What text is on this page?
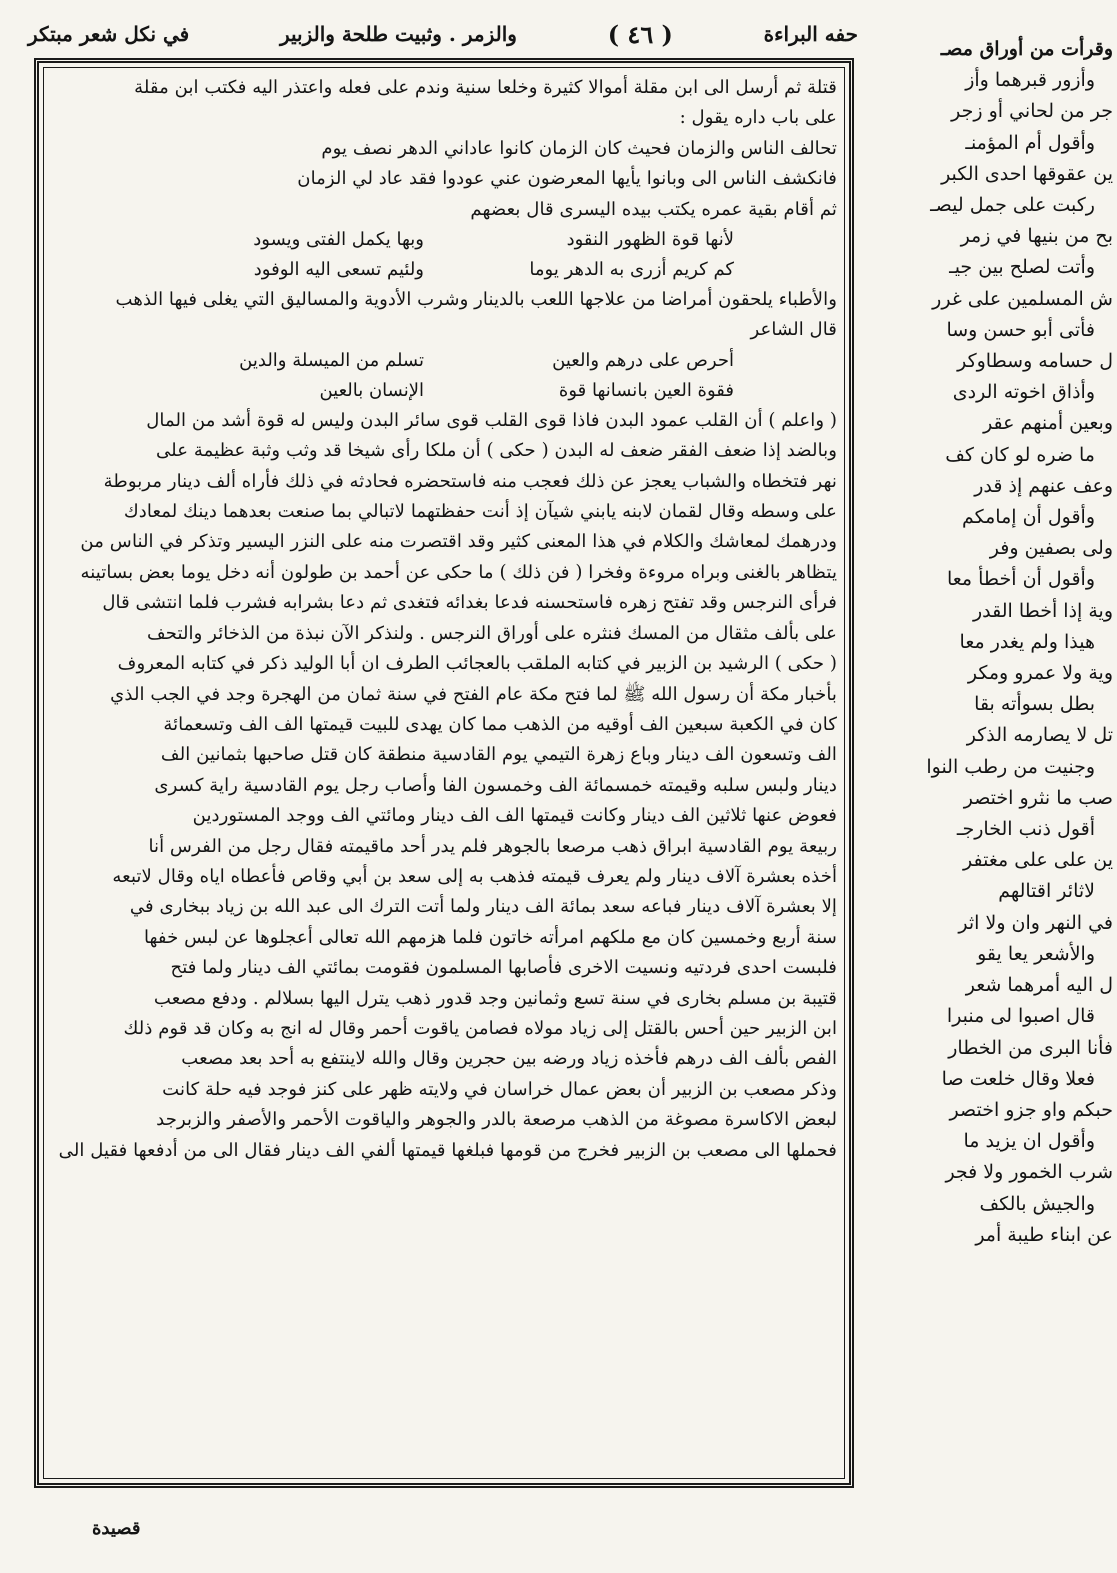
حفه البراءة
( ٤٦ )
والزمر . وثبيت طلحة والزبير
في نكل شعر مبتكر

قتلة ثم أرسل الى ابن مقلة أموالا كثيرة وخلعا سنية وندم على فعله واعتذر اليه فكتب ابن مقلة

على باب داره يقول :

تحالف الناس والزمان فحيث كان الزمان كانوا عاداني الدهر نصف يوم

فانكشف الناس الى وبانوا يأيها المعرضون عني عودوا فقد عاد لي الزمان

ثم أقام بقية عمره يكتب بيده اليسرى قال بعضهم

لأنها قوة الظهور النقود
وبها يكمل الفتى ويسود
كم كريم أزرى به الدهر يوما
ولئيم تسعى اليه الوفود

والأطباء يلحقون أمراضا من علاجها اللعب بالدينار وشرب الأدوية والمساليق التي يغلى فيها الذهب

قال الشاعر

أحرص على درهم والعين
تسلم من الميسلة والدين
فقوة العين بانسانها قوة
الإنسان بالعين

( واعلم ) أن القلب عمود البدن فاذا قوى القلب قوى سائر البدن وليس له قوة أشد من المال

وبالضد إذا ضعف الفقر ضعف له البدن ( حكى ) أن ملكا رأى شيخا قد وثب وثبة عظيمة على

نهر فتخطاه والشباب يعجز عن ذلك فعجب منه فاستحضره فحادثه في ذلك فأراه ألف دينار مربوطة

على وسطه وقال لقمان لابنه يابني شيآن إذ أنت حفظتهما لاتبالي بما صنعت بعدهما دينك لمعادك

ودرهمك لمعاشك والكلام في هذا المعنى كثير وقد اقتصرت منه على النزر اليسير وتذكر في الناس من

يتظاهر بالغنى وبراه مروءة وفخرا ( فن ذلك ) ما حكى عن أحمد بن طولون أنه دخل يوما بعض بساتينه

فرأى النرجس وقد تفتح زهره فاستحسنه فدعا بغدائه فتغدى ثم دعا بشرابه فشرب فلما انتشى قال

على بألف مثقال من المسك فنثره على أوراق النرجس . ولنذكر الآن نبذة من الذخائر والتحف

( حكى ) الرشيد بن الزبير في كتابه الملقب بالعجائب الطرف ان أبا الوليد ذكر في كتابه المعروف

بأخبار مكة أن رسول الله ﷺ لما فتح مكة عام الفتح في سنة ثمان من الهجرة وجد في الجب الذي

كان في الكعبة سبعين الف أوقيه من الذهب مما كان يهدى للبيت قيمتها الف الف وتسعمائة

الف وتسعون الف دينار وباع زهرة التيمي يوم القادسية منطقة كان قتل صاحبها بثمانين الف

دينار ولبس سلبه وقيمته خمسمائة الف وخمسون الفا وأصاب رجل يوم القادسية راية كسرى

فعوض عنها ثلاثين الف دينار وكانت قيمتها الف الف دينار ومائتي الف ووجد المستوردين

ربيعة يوم القادسية ابراق ذهب مرصعا بالجوهر فلم يدر أحد ماقيمته فقال رجل من الفرس أنا

أخذه بعشرة آلاف دينار ولم يعرف قيمته فذهب به إلى سعد بن أبي وقاص فأعطاه اياه وقال لاتبعه

إلا بعشرة آلاف دينار فباعه سعد بمائة الف دينار ولما أتت الترك الى عبد الله بن زياد ببخارى في

سنة أربع وخمسين كان مع ملكهم امرأته خاتون فلما هزمهم الله تعالى أعجلوها عن لبس خفها

فلبست احدى فردتيه ونسيت الاخرى فأصابها المسلمون فقومت بمائتي الف دينار ولما فتح

قتيبة بن مسلم بخارى في سنة تسع وثمانين وجد قدور ذهب يترل اليها بسلالم . ودفع مصعب

ابن الزبير حين أحس بالقتل إلى زياد مولاه فصامن ياقوت أحمر وقال له انج به وكان قد قوم ذلك

الفص بألف الف درهم فأخذه زياد ورضه بين حجرين وقال والله لاينتفع به أحد بعد مصعب

وذكر مصعب بن الزبير أن بعض عمال خراسان في ولايته ظهر على كنز فوجد فيه حلة كانت

لبعض الاكاسرة مصوغة من الذهب مرصعة بالدر والجوهر والياقوت الأحمر والأصفر والزبرجد

فحملها الى مصعب بن الزبير فخرج من قومها فبلغها قيمتها ألفي الف دينار فقال الى من أدفعها فقيل الى

وقرأت من أوراق مصـ
وأزور قبرهما وأز
جر من لحاني أو زجر
وأقول أم المؤمنـ
ين عقوقها احدى الكبر
ركبت على جمل ليصـ
بح من بنيها في زمر
وأتت لصلح بين جيـ
ش المسلمين على غرر
فأتى أبو حسن وسا
ل حسامه وسطاوكر
وأذاق اخوته الردى
وبعين أمنهم عقر
ما ضره لو كان كف
وعف عنهم إذ قدر
وأقول أن إمامكم
ولى بصفين وفر
وأقول أن أخطأ معا
وية إذا أخطا القدر
هيذا ولم يغدر معا
وية ولا عمرو ومكر
بطل بسوأته بقا
تل لا يصارمه الذكر
وجنيت من رطب النوا
صب ما نثرو اختصر
أقول ذنب الخارجـ
ين على على مغتفر
لاثائر اقتالهم
في النهر وان ولا اثر
والأشعر يعا يقو
ل اليه أمرهما شعر
قال اصبوا لى منبرا
فأنا البرى من الخطار
فعلا وقال خلعت صا
حبكم واو جزو اختصر
وأقول ان يزيد ما
شرب الخمور ولا فجر
والجيش بالكف
عن ابناء طيبة أمر
قصيدة
